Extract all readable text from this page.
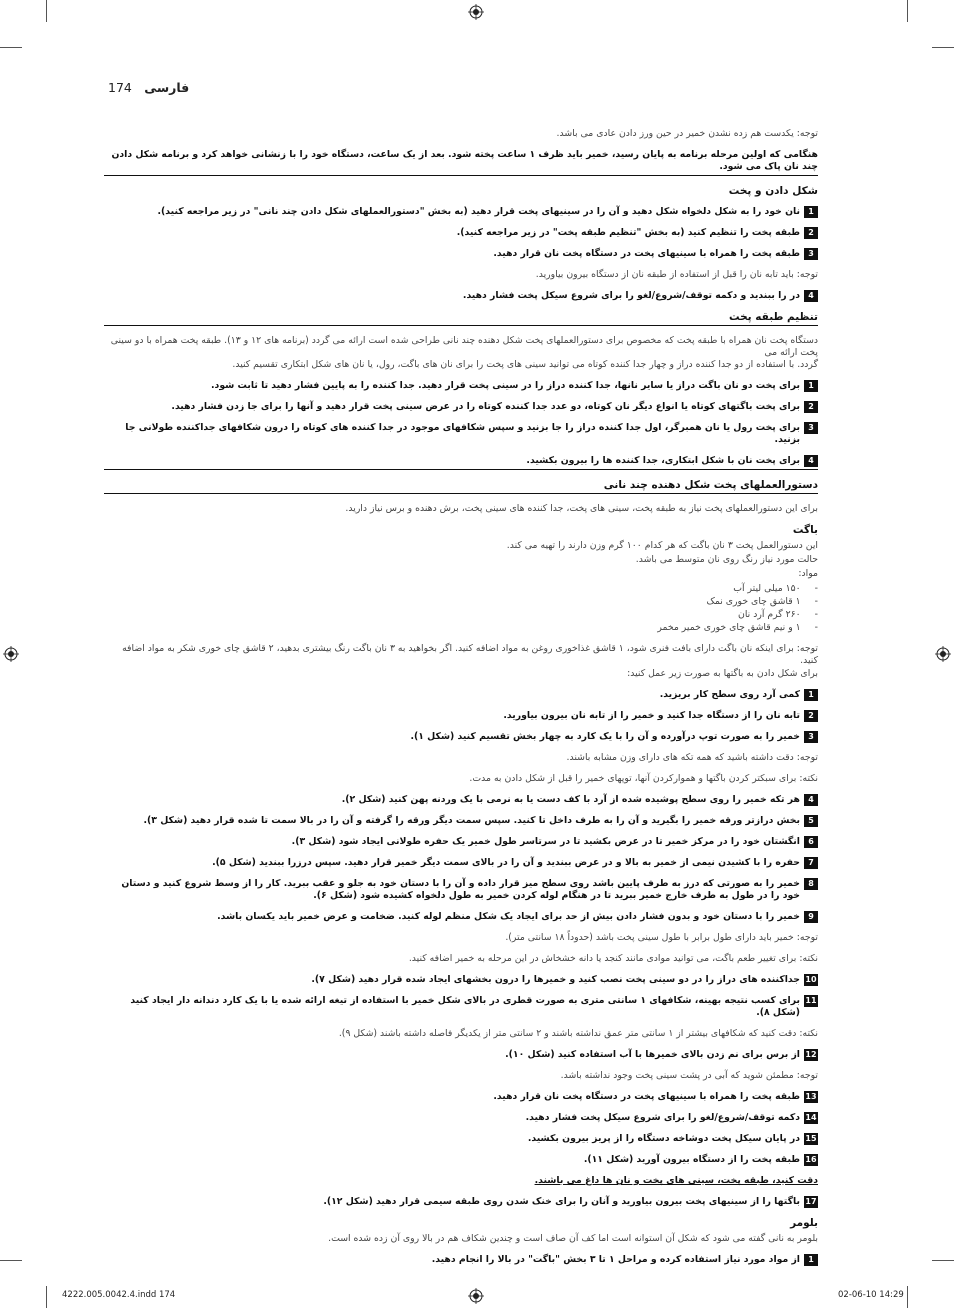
174 فارسی
توجه: یکدست هم زده نشدن خمیر در حین ورز دادن عادی می باشد.
هنگامی که اولین مرحله برنامه به پایان رسید، خمیر باید ظرف ۱ ساعت پخته شود. بعد از یک ساعت، دستگاه خود را با زنشانی خواهد کرد و برنامه شکل دادن چند نان پاک می شود.
شکل دادن و پخت
1
نان خود را به شکل دلخواه شکل دهید و آن را در سینیهای پخت قرار دهید (به بخش "دستورالعملهای شکل دادن چند نانی" در زیر مراجعه کنید).
2
طبقه پخت را تنظیم کنید (به بخش "تنظیم طبقه پخت" در زیر مراجعه کنید).
3
طبقه پخت را همراه با سینیهای پخت در دستگاه پخت نان قرار دهید.
توجه: باید تابه نان را قبل از استفاده از طبقه نان از دستگاه بیرون بیاورید.
4
در را ببندید و دکمه توقف/شروع/لغو را برای شروع سیکل پخت فشار دهید.
تنظیم طبقه پخت
دستگاه پخت نان همراه با طبقه پخت که مخصوص برای دستورالعملهای پخت شکل دهنده چند نانی طراحی شده است ارائه می گردد (برنامه های ۱۲ و ۱۳). طبقه پخت همراه با دو سینی پخت ارائه می
گردد. با استفاده از دو جدا کننده دراز و چهار جدا کننده کوتاه می توانید سینی های پخت را برای نان های باگت، رول، یا نان های شکل ابتکاری تقسیم کنید.
1
برای پخت دو نان باگت دراز یا سایر نانها، جدا کننده دراز را در سینی پخت قرار دهید. جدا کننده را به پایین فشار دهید تا ثابت شود.
2
برای پخت باگتهای کوتاه یا انواع دیگر نان کوتاه، دو عدد جدا کننده کوتاه را در عرض سینی پخت قرار دهید و آنها را برای جا زدن فشار دهید.
3
برای پخت رول یا نان همبرگر، اول جدا کننده دراز را جا بزنید و سپس شکافهای موجود در جدا کننده های کوتاه را درون شکافهای جداکننده طولانی جا بزنید.
4
برای پخت نان با شکل ابتکاری، جدا کننده ها را بیرون بکشید.
دستورالعملهای پخت شکل دهنده چند نانی
برای این دستورالعملهای پخت نیاز به طبقه پخت، سینی های پخت، جدا کننده های سینی پخت، برش دهنده و برس نیاز دارید.
باگت
این دستورالعمل پخت ۳ نان باگت که هر کدام ۱۰۰ گرم وزن دارند را تهیه می کند.
حالت مورد نیاز رنگ روی نان متوسط می باشد.
مواد:
- ۱۵۰ میلی لیتر آب
- ۱ قاشق چای خوری نمک
- ۲۶۰ گرم آرد نان
- ۱ و نیم قاشق چای خوری خمیر مخمر
توجه: برای اینکه نان باگت دارای بافت فنری شود، ۱ قاشق غذاخوری روغن به مواد اضافه کنید. اگر بخواهید به ۳ نان باگت رنگ بیشتری بدهید، ۲ قاشق چای خوری شکر به مواد اضافه کنید.
برای شکل دادن به باگتها به صورت زیر عمل کنید:
1
کمی آرد روی سطح کار بریزید.
2
تابه نان را از دستگاه جدا کنید و خمیر را از تابه نان بیرون بیاورید.
3
خمیر را به صورت توپ درآورده و آن را با یک کارد به چهار بخش تقسیم کنید (شکل ۱).
توجه: دقت داشته باشید که همه تکه های دارای وزن مشابه باشند.
نکته: برای سبکتر کردن باگتها و هموارکردن آنها، توپهای خمیر را قبل از شکل دادن به مدت.
4
هر تکه خمیر را روی سطح پوشیده شده از آرد با کف دست یا به نرمی با یک وردنه پهن کنید (شکل ۲).
5
بخش درازتر ورقه خمیر را بگیرید و آن را به طرف داخل تا کنید. سپس سمت دیگر ورقه را گرفته و آن را در بالا سمت تا شده قرار دهید (شکل ۳).
6
انگشتان خود را در مرکز خمیر تا در عرض بکشید تا در سرتاسر طول خمیر یک حفره طولانی ایجاد شود (شکل ۳).
7
حفره را با کشیدن نیمی از خمیر به بالا و در عرض ببندید و آن را در بالای سمت دیگر خمیر قرار دهید. سپس درزرا ببندید (شکل ۵).
8
خمیر را به صورتی که درز به طرف پایین باشد روی سطح میز قرار داده و آن را با دستان خود به جلو و عقب ببرید. کار را از وسط شروع کنید و دستان خود را در طول به طرف خارج خمیر ببرید تا در هنگام لوله کردن خمیر به طول دلخواه کشیده شود (شکل ۶).
9
خمیر را با دستان خود و بدون فشار دادن بیش از حد برای ایجاد یک شکل منظم لوله کنید. ضخامت و عرض خمیر باید یکسان باشد.
توجه: خمیر باید دارای طول برابر با طول سینی پخت باشد (حدوداً ۱۸ سانتی متر).
نکته: برای تغییر طعم باگت، می توانید موادی مانند کنجد یا دانه خشخاش در این مرحله به خمیر اضافه کنید.
10
جداکننده های دراز را در دو سینی پخت نصب کنید و خمیرها را درون بخشهای ایجاد شده قرار دهید (شکل ۷).
11
برای کسب نتیجه بهینه، شکافهای ۱ سانتی متری به صورت قطری در بالای شکل خمیر با استفاده از تیغه ارائه شده یا با یک کارد دندانه دار ایجاد کنید (شکل ۸).
نکته: دقت کنید که شکافهای بیشتر از ۱ سانتی متر عمق نداشته باشند و ۲ سانتی متر از یکدیگر فاصله داشته باشند (شکل ۹).
12
از برس برای نم زدن بالای خمیرها با آب استفاده کنید (شکل ۱۰).
توجه: مطمئن شوید که آبی در پشت سینی پخت وجود نداشته باشد.
13
طبقه پخت را همراه با سینیهای پخت در دستگاه پخت نان قرار دهید.
14
دکمه توقف/شروع/لغو را برای شروع سیکل پخت فشار دهید.
15
در پایان سیکل پخت دوشاخه دستگاه را از پریز بیرون بکشید.
16
طبقه پخت را از دستگاه بیرون آورید (شکل ۱۱).
دقت کنید، طبقه پخت، سینی های پخت و نان ها داغ می باشند.
17
باگتها را از سینیهای پخت بیرون بیاورید و آنان را برای خنک شدن روی طبقه سیمی قرار دهید (شکل ۱۲).
بلومر
بلومر به نانی گفته می شود که شکل آن استوانه است اما کف آن صاف است و چندین شکاف هم در بالا روی آن زده شده است.
1
از مواد مورد نیاز استفاده کرده و مراحل ۱ تا ۳ بخش "باگت" در بالا را انجام دهید.
4222.005.0042.4.indd 174	02-06-10 14:29
